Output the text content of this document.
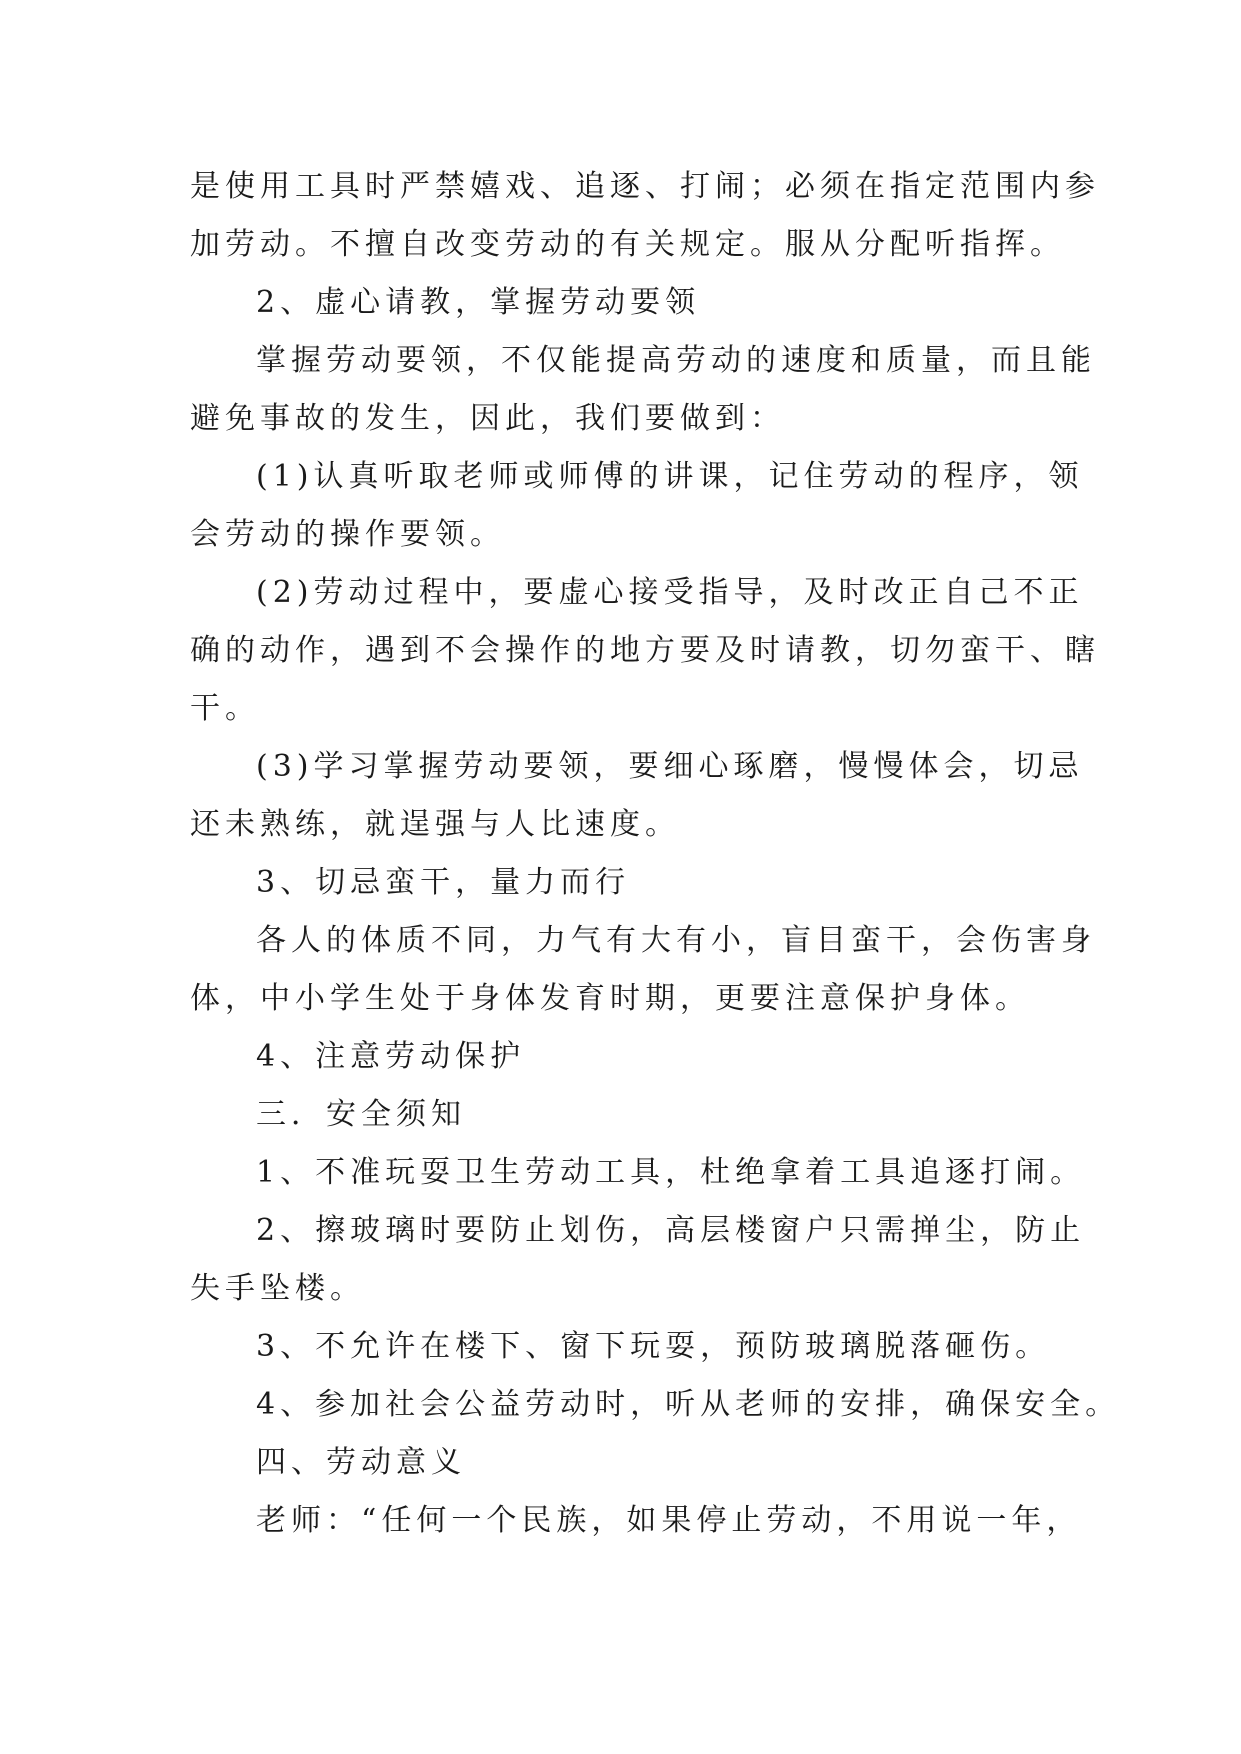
是使用工具时严禁嬉戏、追逐、打闹；必须在指定范围内参
加劳动。不擅自改变劳动的有关规定。服从分配听指挥。
2、虚心请教，掌握劳动要领
掌握劳动要领，不仅能提高劳动的速度和质量，而且能
避免事故的发生，因此，我们要做到：
(1)认真听取老师或师傅的讲课，记住劳动的程序，领
会劳动的操作要领。
(2)劳动过程中，要虚心接受指导，及时改正自己不正
确的动作，遇到不会操作的地方要及时请教，切勿蛮干、瞎
干。
(3)学习掌握劳动要领，要细心琢磨，慢慢体会，切忌
还未熟练，就逞强与人比速度。
3、切忌蛮干，量力而行
各人的体质不同，力气有大有小，盲目蛮干，会伤害身
体，中小学生处于身体发育时期，更要注意保护身体。
4、注意劳动保护
三．安全须知
1、不准玩耍卫生劳动工具，杜绝拿着工具追逐打闹。
2、擦玻璃时要防止划伤，高层楼窗户只需掸尘，防止
失手坠楼。
3、不允许在楼下、窗下玩耍，预防玻璃脱落砸伤。
4、参加社会公益劳动时，听从老师的安排，确保安全。
四、劳动意义
老师：“任何一个民族，如果停止劳动，不用说一年，
